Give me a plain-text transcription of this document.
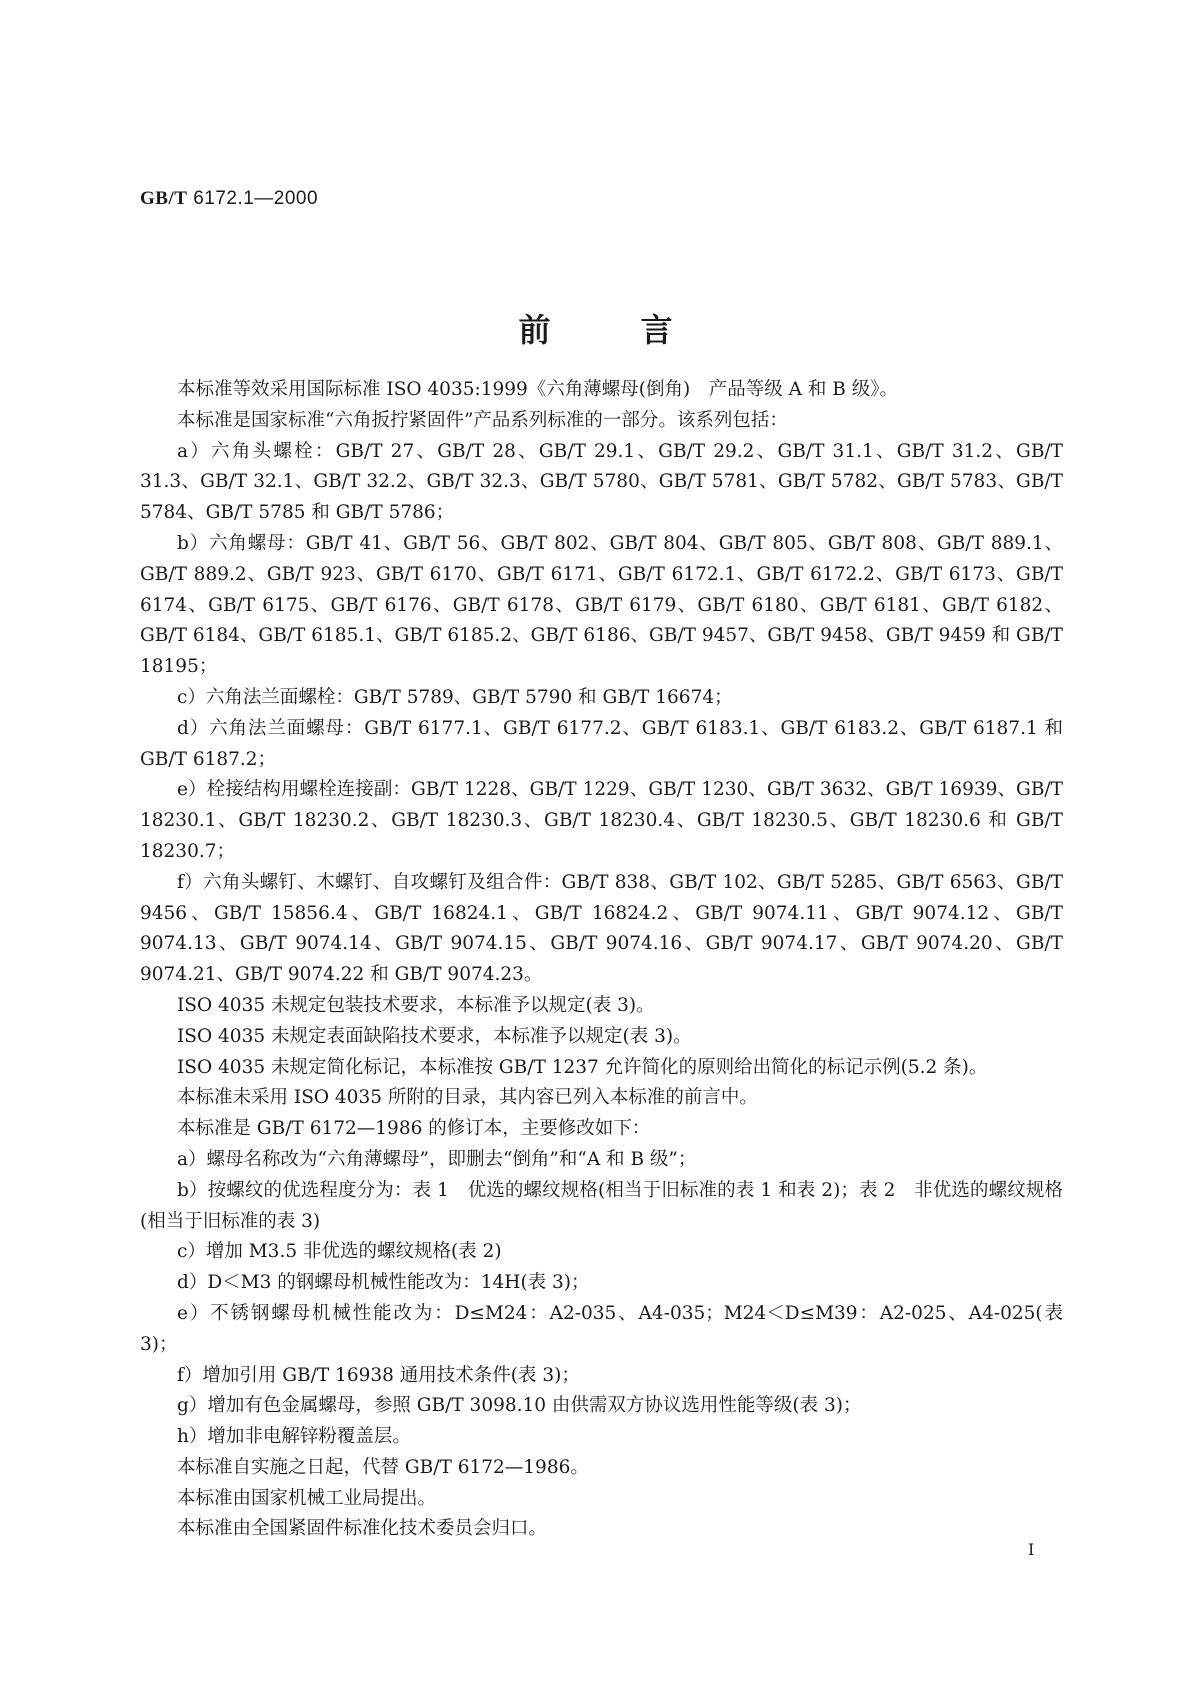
GB/T 6172.1—2000
前言

本标准等效采用国际标准 ISO 4035:1999《六角薄螺母(倒角)　产品等级 A 和 B 级》。

本标准是国家标准“六角扳拧紧固件”产品系列标准的一部分。该系列包括：

a）六角头螺栓：GB/T 27、GB/T 28、GB/T 29.1、GB/T 29.2、GB/T 31.1、GB/T 31.2、GB/T 31.3、GB/T 32.1、GB/T 32.2、GB/T 32.3、GB/T 5780、GB/T 5781、GB/T 5782、GB/T 5783、GB/T 5784、GB/T 5785 和 GB/T 5786；

b）六角螺母：GB/T 41、GB/T 56、GB/T 802、GB/T 804、GB/T 805、GB/T 808、GB/T 889.1、GB/T 889.2、GB/T 923、GB/T 6170、GB/T 6171、GB/T 6172.1、GB/T 6172.2、GB/T 6173、GB/T 6174、GB/T 6175、GB/T 6176、GB/T 6178、GB/T 6179、GB/T 6180、GB/T 6181、GB/T 6182、GB/T 6184、GB/T 6185.1、GB/T 6185.2、GB/T 6186、GB/T 9457、GB/T 9458、GB/T 9459 和 GB/T 18195；

c）六角法兰面螺栓：GB/T 5789、GB/T 5790 和 GB/T 16674；

d）六角法兰面螺母：GB/T 6177.1、GB/T 6177.2、GB/T 6183.1、GB/T 6183.2、GB/T 6187.1 和 GB/T 6187.2；

e）栓接结构用螺栓连接副：GB/T 1228、GB/T 1229、GB/T 1230、GB/T 3632、GB/T 16939、GB/T 18230.1、GB/T 18230.2、GB/T 18230.3、GB/T 18230.4、GB/T 18230.5、GB/T 18230.6 和 GB/T 18230.7；

f）六角头螺钉、木螺钉、自攻螺钉及组合件：GB/T 838、GB/T 102、GB/T 5285、GB/T 6563、GB/T 9456、GB/T 15856.4、GB/T 16824.1、GB/T 16824.2、GB/T 9074.11、GB/T 9074.12、GB/T 9074.13、GB/T 9074.14、GB/T 9074.15、GB/T 9074.16、GB/T 9074.17、GB/T 9074.20、GB/T 9074.21、GB/T 9074.22 和 GB/T 9074.23。

ISO 4035 未规定包装技术要求，本标准予以规定(表 3)。

ISO 4035 未规定表面缺陷技术要求，本标准予以规定(表 3)。

ISO 4035 未规定简化标记，本标准按 GB/T 1237 允许简化的原则给出简化的标记示例(5.2 条)。

本标准未采用 ISO 4035 所附的目录，其内容已列入本标准的前言中。

本标准是 GB/T 6172—1986 的修订本，主要修改如下：

a）螺母名称改为“六角薄螺母”，即删去“倒角”和“A 和 B 级”；

b）按螺纹的优选程度分为：表 1　优选的螺纹规格(相当于旧标准的表 1 和表 2)；表 2　非优选的螺纹规格(相当于旧标准的表 3)

c）增加 M3.5 非优选的螺纹规格(表 2)

d）D＜M3 的钢螺母机械性能改为：14H(表 3)；

e）不锈钢螺母机械性能改为：D≤M24：A2-035、A4-035；M24＜D≤M39：A2-025、A4-025(表 3)；

f）增加引用 GB/T 16938 通用技术条件(表 3)；

g）增加有色金属螺母，参照 GB/T 3098.10 由供需双方协议选用性能等级(表 3)；

h）增加非电解锌粉覆盖层。

本标准自实施之日起，代替 GB/T 6172—1986。

本标准由国家机械工业局提出。

本标准由全国紧固件标准化技术委员会归口。

I
